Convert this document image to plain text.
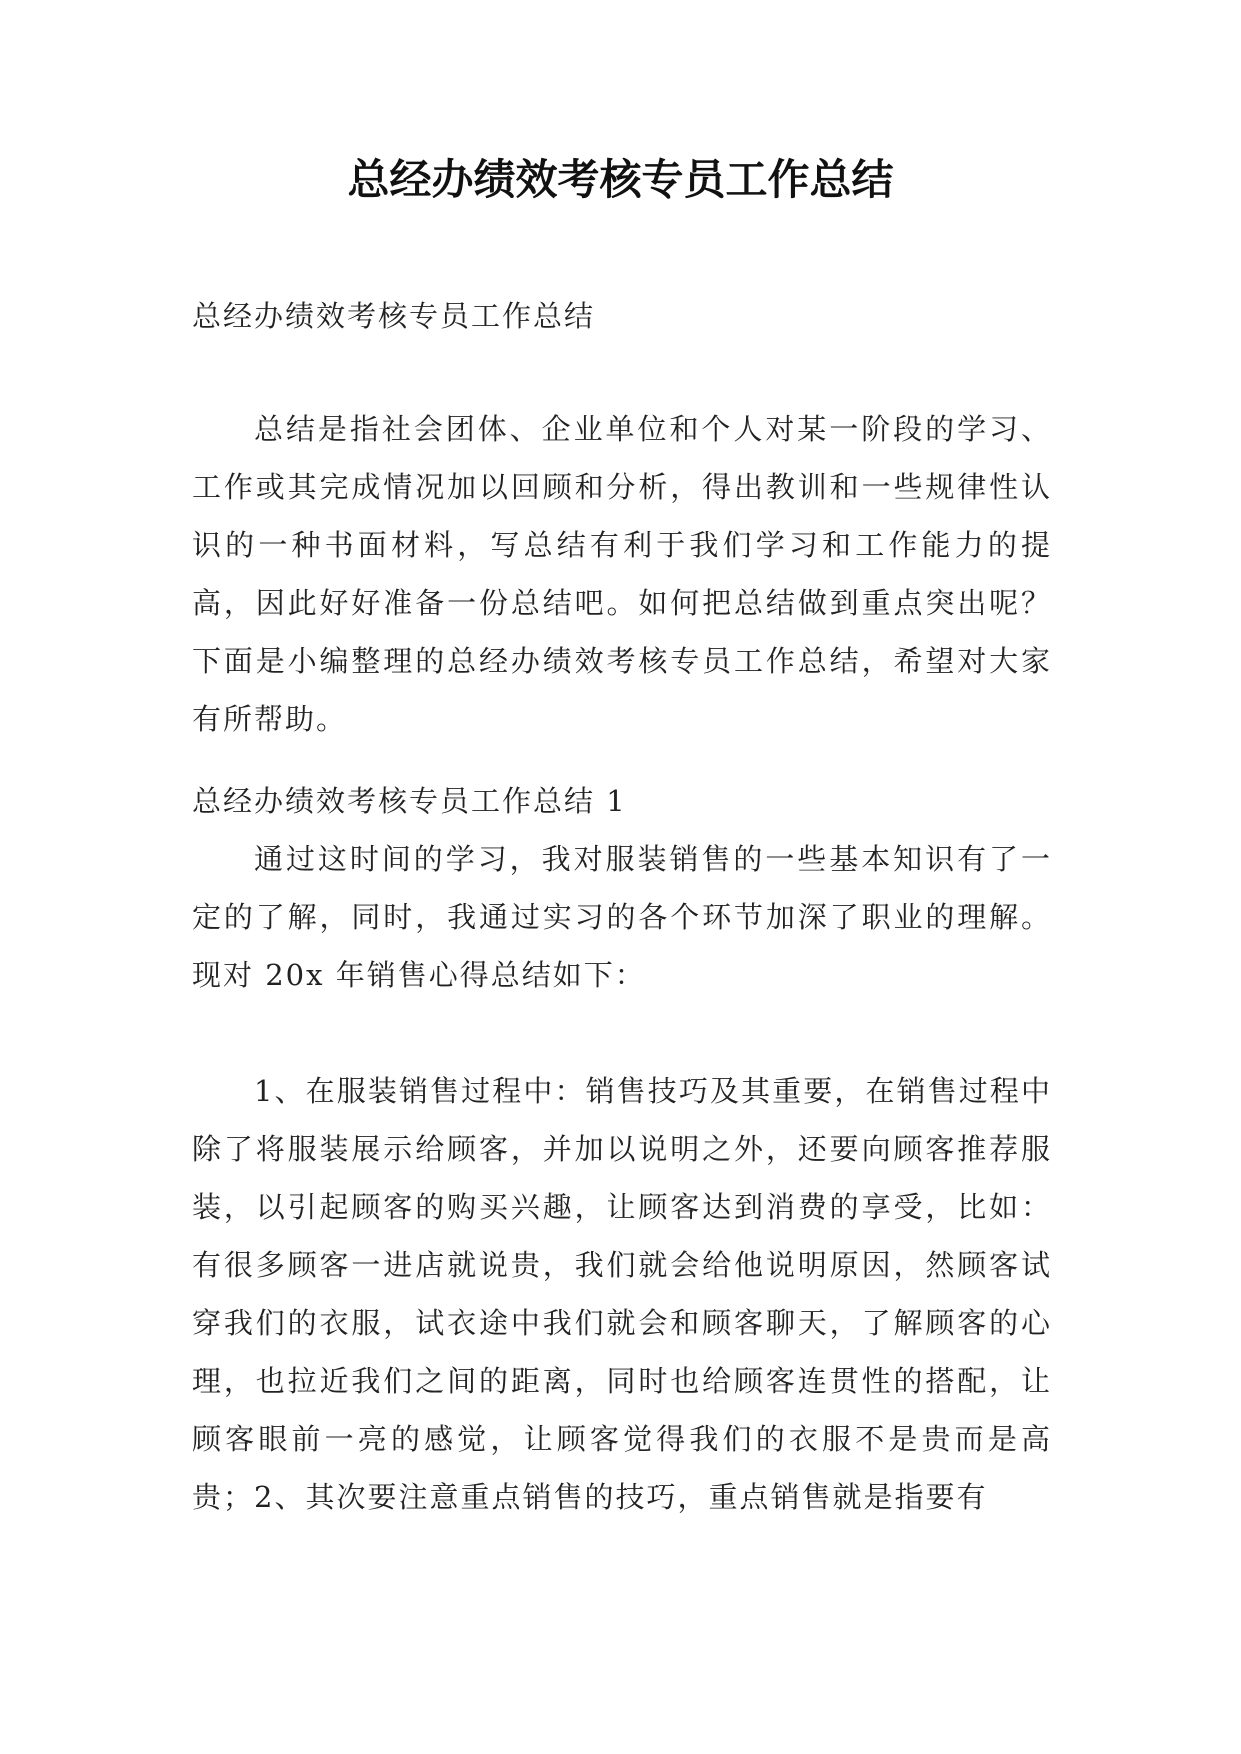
总经办绩效考核专员工作总结

总经办绩效考核专员工作总结

总结是指社会团体、企业单位和个人对某一阶段的学习、工作或其完成情况加以回顾和分析，得出教训和一些规律性认识的一种书面材料，写总结有利于我们学习和工作能力的提高，因此好好准备一份总结吧。如何把总结做到重点突出呢？下面是小编整理的总经办绩效考核专员工作总结，希望对大家有所帮助。

总经办绩效考核专员工作总结 1

通过这时间的学习，我对服装销售的一些基本知识有了一定的了解，同时，我通过实习的各个环节加深了职业的理解。现对 20x 年销售心得总结如下：

1、在服装销售过程中：销售技巧及其重要，在销售过程中除了将服装展示给顾客，并加以说明之外，还要向顾客推荐服装，以引起顾客的购买兴趣，让顾客达到消费的享受，比如：有很多顾客一进店就说贵，我们就会给他说明原因，然顾客试穿我们的衣服，试衣途中我们就会和顾客聊天，了解顾客的心理，也拉近我们之间的距离，同时也给顾客连贯性的搭配，让顾客眼前一亮的感觉，让顾客觉得我们的衣服不是贵而是高贵； 2、其次要注意重点销售的技巧，重点销售就是指要有
